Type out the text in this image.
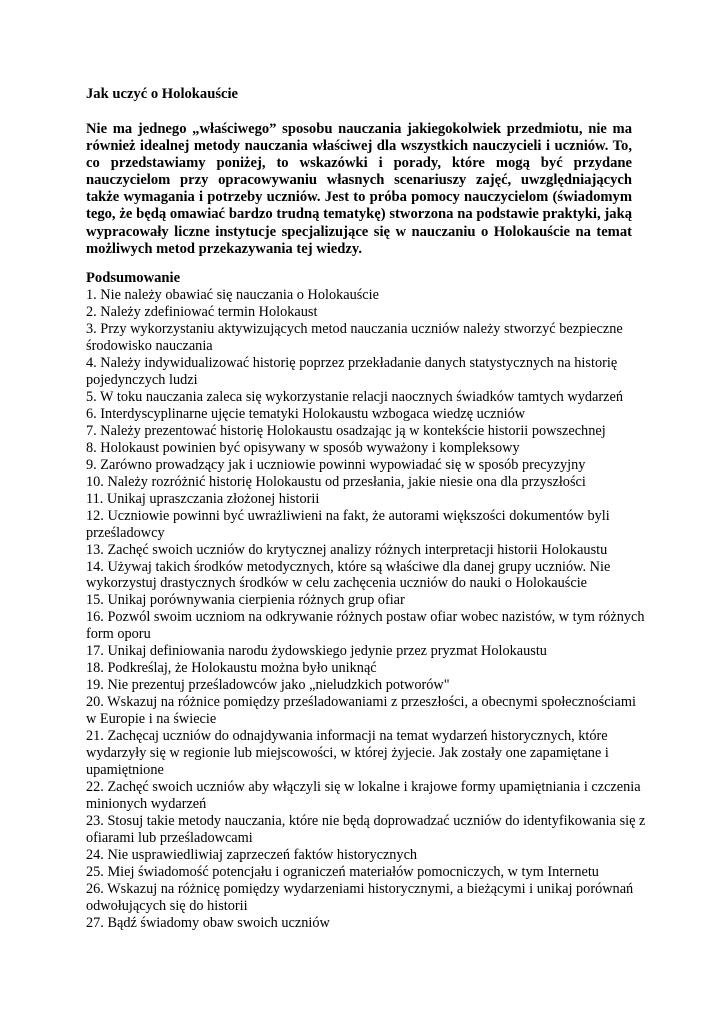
Jak uczyć o Holokauście
Nie ma jednego „właściwego” sposobu nauczania jakiegokolwiek przedmiotu, nie ma również idealnej metody nauczania właściwej dla wszystkich nauczycieli i uczniów. To, co przedstawiamy poniżej, to wskazówki i porady, które mogą być przydane nauczycielom przy opracowywaniu własnych scenariuszy zajęć, uwzględniających także wymagania i potrzeby uczniów. Jest to próba pomocy nauczycielom (świadomym tego, że będą omawiać bardzo trudną tematykę) stworzona na podstawie praktyki, jaką wypracowały liczne instytucje specjalizujące się w nauczaniu o Holokauście na temat możliwych metod przekazywania tej wiedzy.
Podsumowanie
1. Nie należy obawiać się nauczania o Holokauście
2. Należy zdefiniować termin Holokaust
3. Przy wykorzystaniu aktywizujących metod nauczania uczniów należy stworzyć bezpieczne środowisko nauczania
4. Należy indywidualizować historię poprzez przekładanie danych statystycznych na historię pojedynczych ludzi
5. W toku nauczania zaleca się wykorzystanie relacji naocznych świadków tamtych wydarzeń
6. Interdyscyplinarne ujęcie tematyki Holokaustu wzbogaca wiedzę uczniów
7. Należy prezentować historię Holokaustu osadzając ją w kontekście historii powszechnej
8. Holokaust powinien być opisywany w sposób wyważony i kompleksowy
9. Zarówno prowadzący jak i uczniowie powinni wypowiadać się w sposób precyzyjny
10. Należy rozróżnić historię Holokaustu od przesłania, jakie niesie ona dla przyszłości
11. Unikaj upraszczania złożonej historii
12. Uczniowie powinni być uwrażliwieni na fakt, że autorami większości dokumentów byli prześladowcy
13. Zachęć swoich uczniów do krytycznej analizy różnych interpretacji historii Holokaustu
14. Używaj takich środków metodycznych, które są właściwe dla danej grupy uczniów. Nie wykorzystuj drastycznych środków w celu zachęcenia uczniów do nauki o Holokauście
15. Unikaj porównywania cierpienia różnych grup ofiar
16. Pozwól swoim uczniom na odkrywanie różnych postaw ofiar wobec nazistów, w tym różnych form oporu
17. Unikaj definiowania narodu żydowskiego jedynie przez pryzmat Holokaustu
18. Podkreślaj, że Holokaustu można było uniknąć
19. Nie prezentuj prześladowców jako „nieludzkich potworów"
20. Wskazuj na różnice pomiędzy prześladowaniami z przeszłości, a obecnymi społecznościami w Europie i na świecie
21. Zachęcaj uczniów do odnajdywania informacji na temat wydarzeń historycznych, które wydarzyły się w regionie lub miejscowości, w której żyjecie. Jak zostały one zapamiętane i upamiętnione
22. Zachęć swoich uczniów aby włączyli się w lokalne i krajowe formy upamiętniania i czczenia minionych wydarzeń
23. Stosuj takie metody nauczania, które nie będą doprowadzać uczniów do identyfikowania się z ofiarami lub prześladowcami
24. Nie usprawiedliwiaj zaprzeczeń faktów historycznych
25. Miej świadomość potencjału i ograniczeń materiałów pomocniczych, w tym Internetu
26. Wskazuj na różnicę pomiędzy wydarzeniami historycznymi, a bieżącymi i unikaj porównań odwołujących się do historii
27. Bądź świadomy obaw swoich uczniów
